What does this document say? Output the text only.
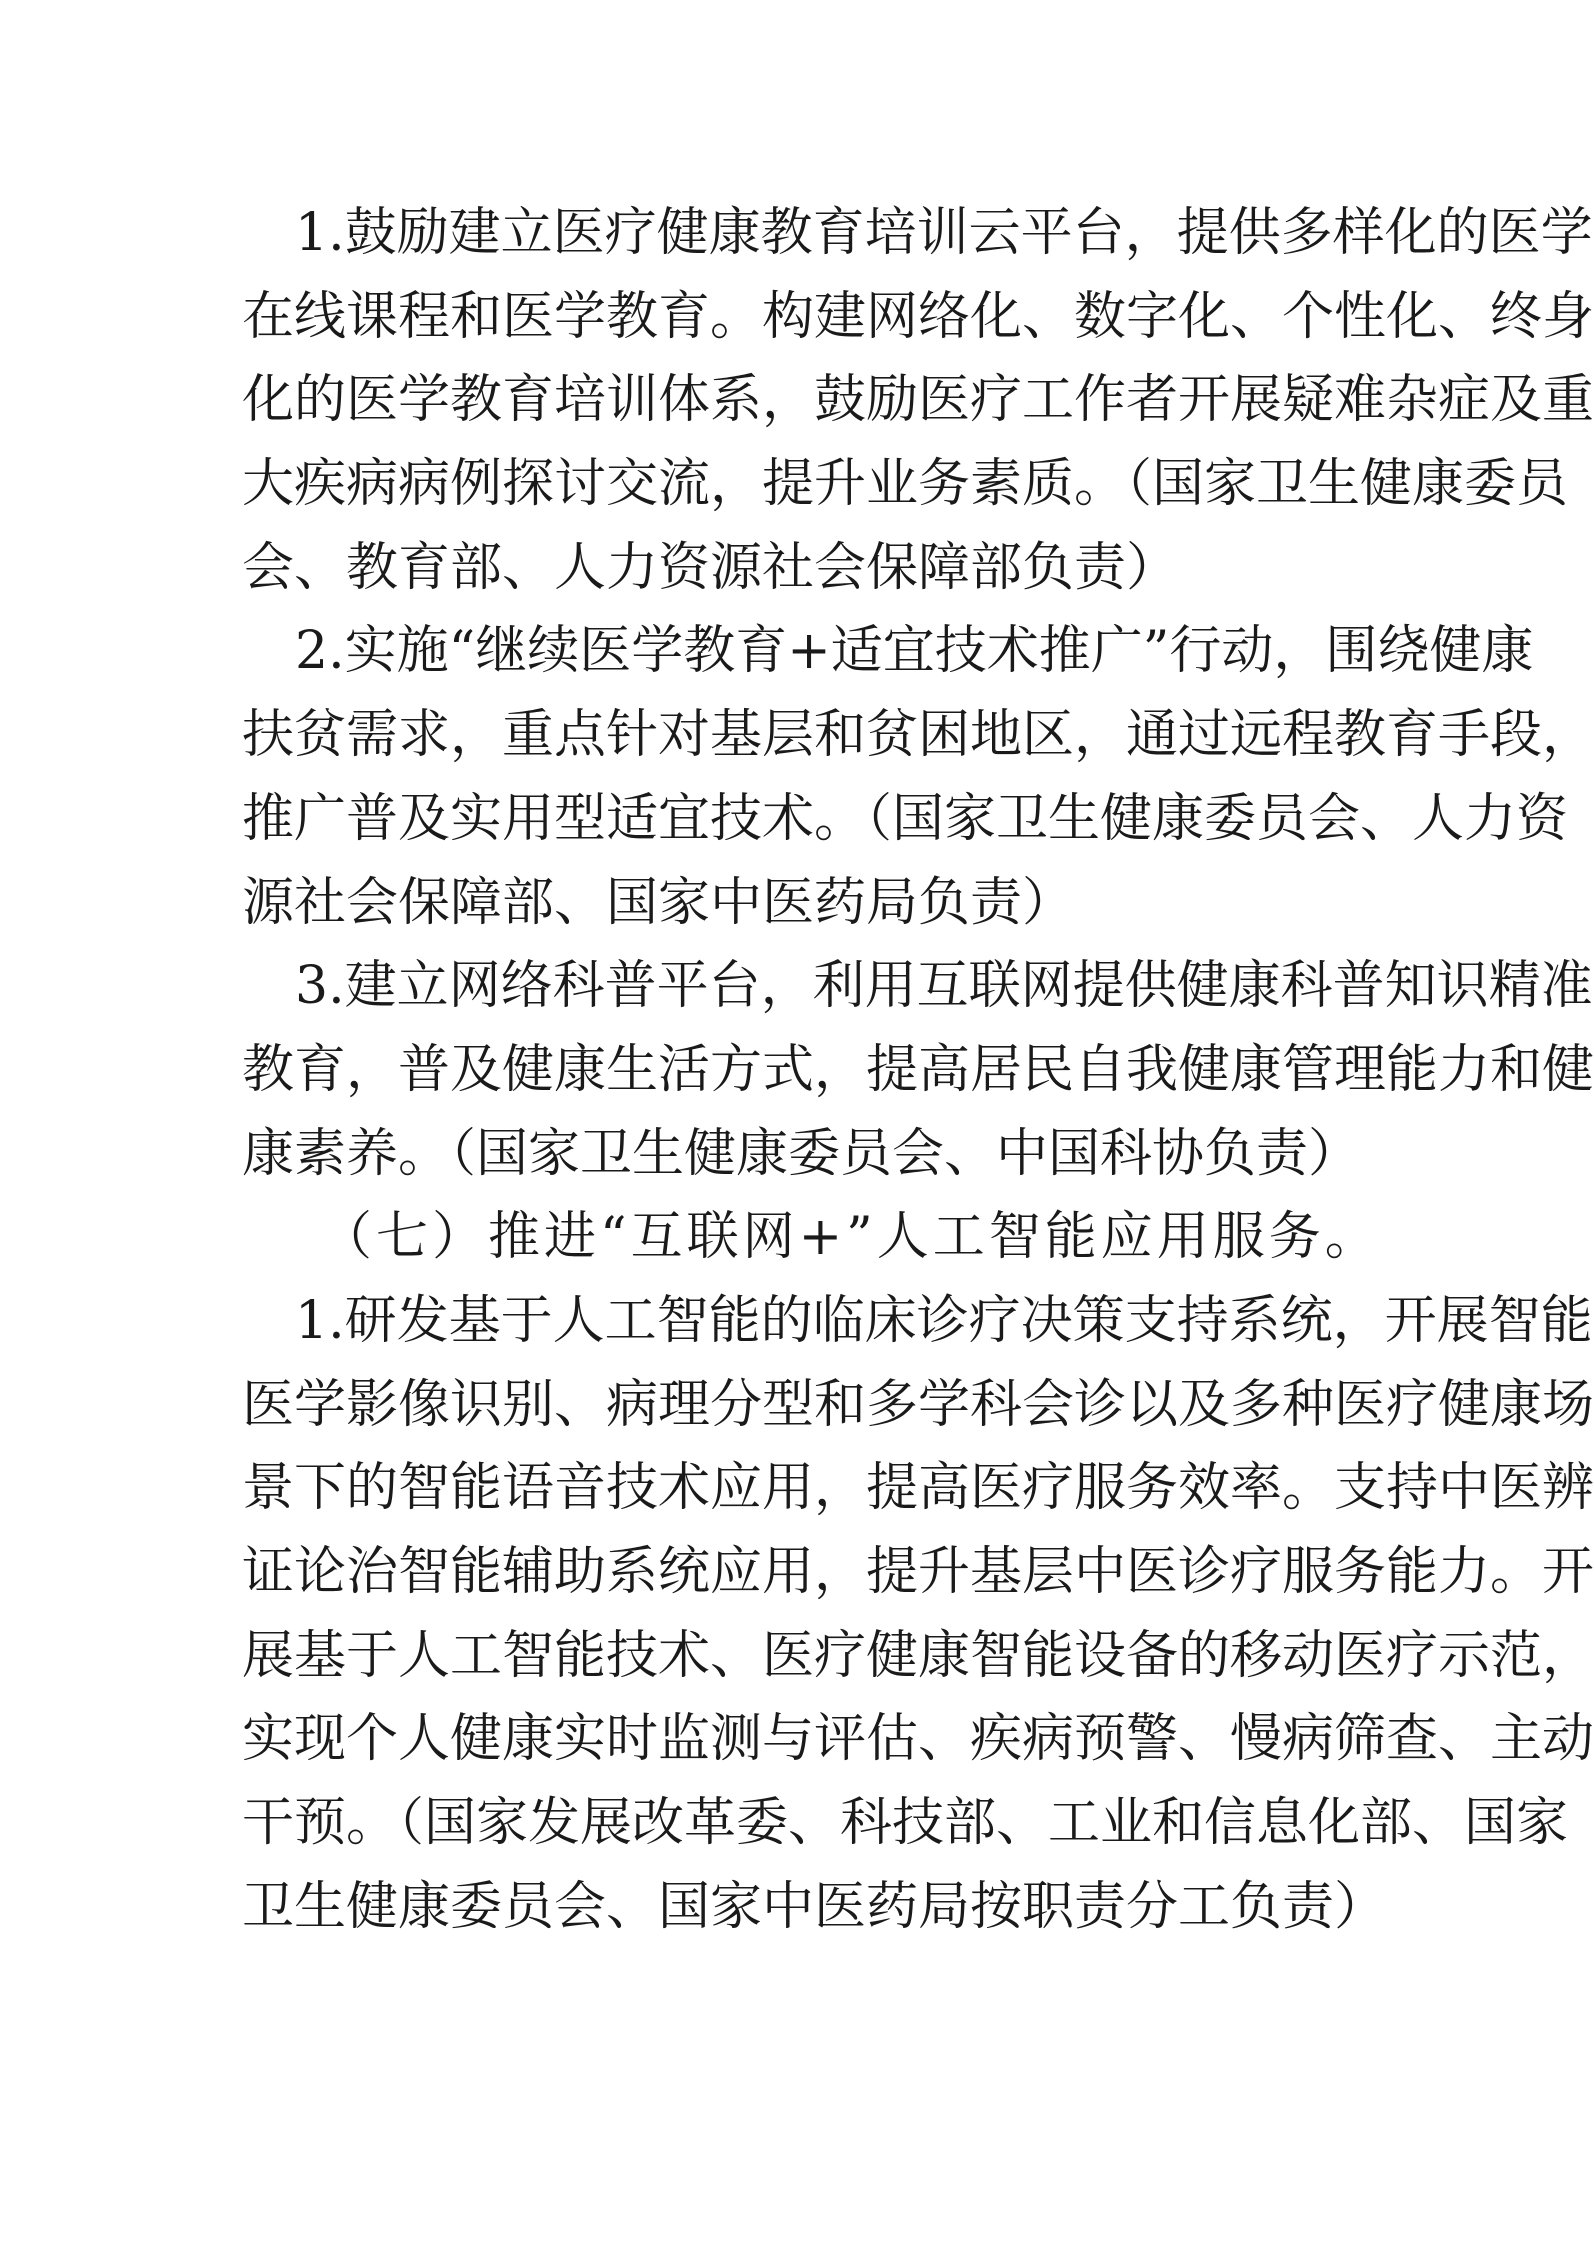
1.鼓励建立医疗健康教育培训云平台，提供多样化的医学
在线课程和医学教育。构建网络化、数字化、个性化、终身
化的医学教育培训体系，鼓励医疗工作者开展疑难杂症及重
大疾病病例探讨交流，提升业务素质。（国家卫生健康委员
会、教育部、人力资源社会保障部负责）
2.实施“继续医学教育+适宜技术推广”行动，围绕健康
扶贫需求，重点针对基层和贫困地区，通过远程教育手段，
推广普及实用型适宜技术。（国家卫生健康委员会、人力资
源社会保障部、国家中医药局负责）
3.建立网络科普平台，利用互联网提供健康科普知识精准
教育，普及健康生活方式，提高居民自我健康管理能力和健
康素养。（国家卫生健康委员会、中国科协负责）
（七）推进“互联网+”人工智能应用服务。
1.研发基于人工智能的临床诊疗决策支持系统，开展智能
医学影像识别、病理分型和多学科会诊以及多种医疗健康场
景下的智能语音技术应用，提高医疗服务效率。支持中医辨
证论治智能辅助系统应用，提升基层中医诊疗服务能力。开
展基于人工智能技术、医疗健康智能设备的移动医疗示范，
实现个人健康实时监测与评估、疾病预警、慢病筛查、主动
干预。（国家发展改革委、科技部、工业和信息化部、国家
卫生健康委员会、国家中医药局按职责分工负责）
